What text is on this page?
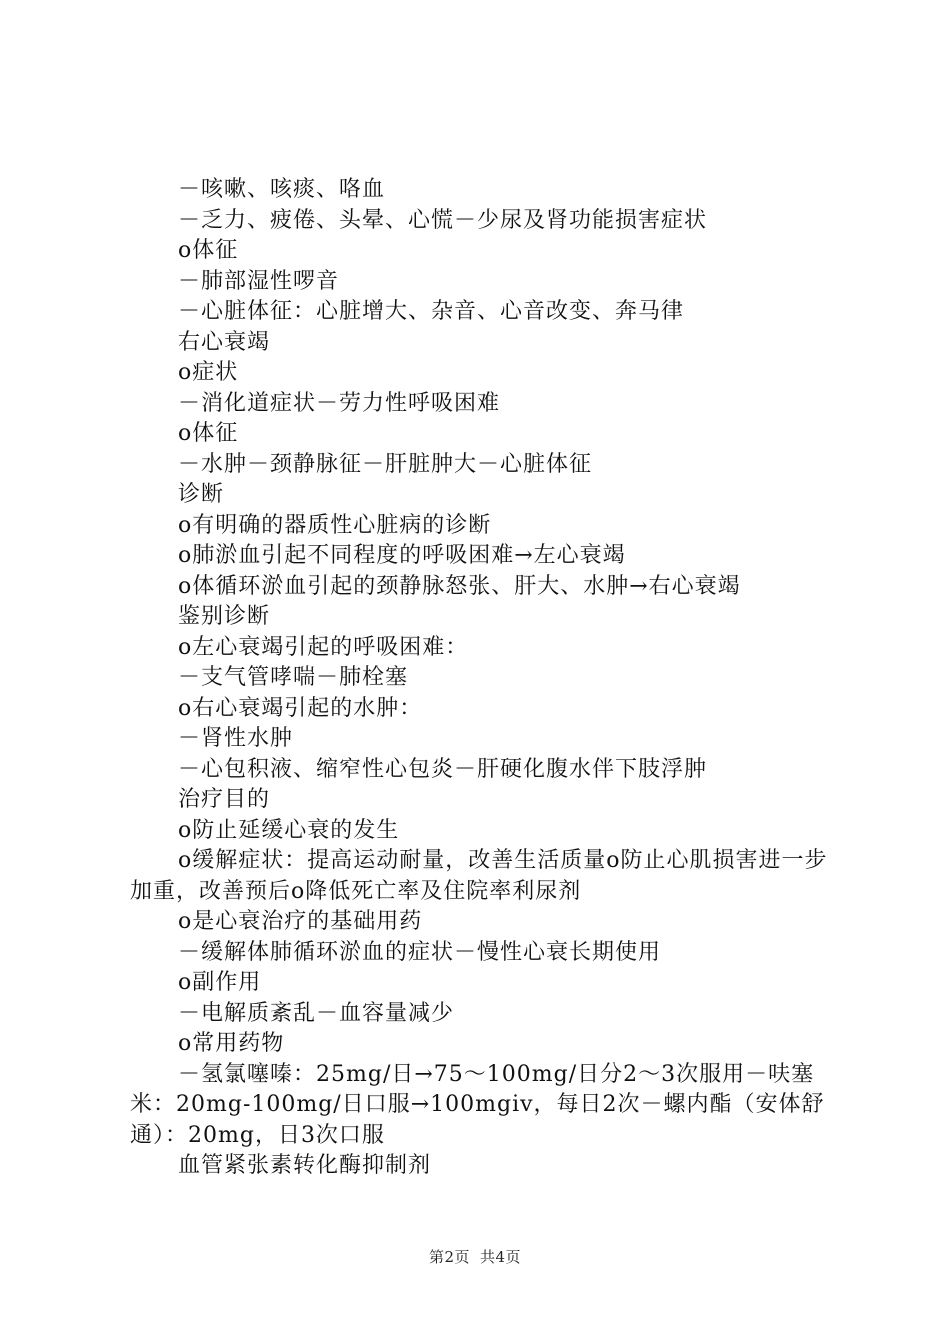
－咳嗽、咳痰、咯血
－乏力、疲倦、头晕、心慌－少尿及肾功能损害症状
o体征
－肺部湿性啰音
－心脏体征：心脏增大、杂音、心音改变、奔马律
右心衰竭
o症状
－消化道症状－劳力性呼吸困难
o体征
－水肿－颈静脉征－肝脏肿大－心脏体征
诊断
o有明确的器质性心脏病的诊断
o肺淤血引起不同程度的呼吸困难→左心衰竭
o体循环淤血引起的颈静脉怒张、肝大、水肿→右心衰竭
鉴别诊断
o左心衰竭引起的呼吸困难：
－支气管哮喘－肺栓塞
o右心衰竭引起的水肿：
－肾性水肿
－心包积液、缩窄性心包炎－肝硬化腹水伴下肢浮肿
治疗目的
o防止延缓心衰的发生
o缓解症状：提高运动耐量，改善生活质量o防止心肌损害进一步加重，改善预后o降低死亡率及住院率利尿剂
o是心衰治疗的基础用药
－缓解体肺循环淤血的症状－慢性心衰长期使用
o副作用
－电解质紊乱－血容量减少
o常用药物
－氢氯噻嗪：25mg/日→75～100mg/日分2～3次服用－呋塞米：20mg-100mg/日口服→100mgiv，每日2次－螺内酯（安体舒通）：20mg，日3次口服
血管紧张素转化酶抑制剂
第2页 共4页
